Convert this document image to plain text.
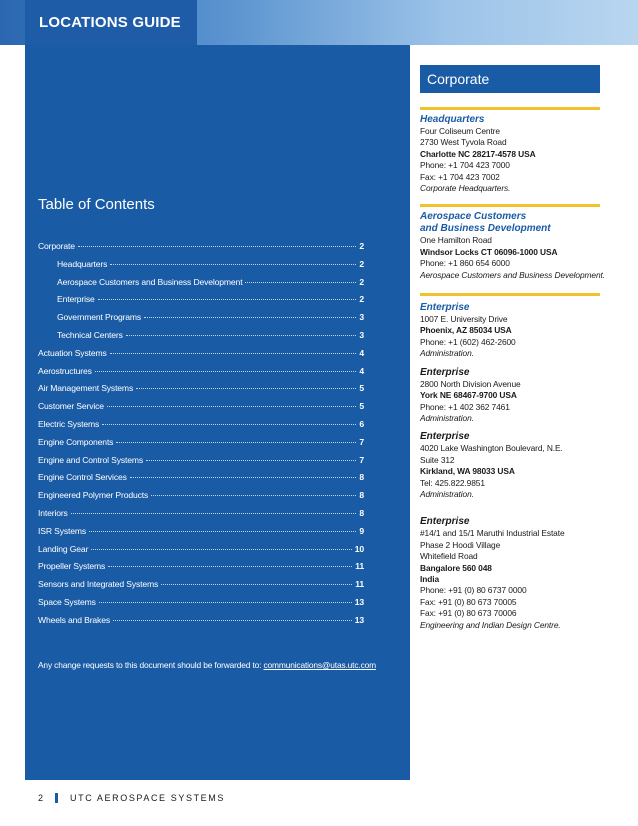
LOCATIONS GUIDE
Table of Contents
Corporate	2
Headquarters	2
Aerospace Customers and Business Development	2
Enterprise	2
Government Programs	3
Technical Centers	3
Actuation Systems	4
Aerostructures	4
Air Management Systems	5
Customer Service	5
Electric Systems	6
Engine Components	7
Engine and Control Systems	7
Engine Control Services	8
Engineered Polymer Products	8
Interiors	8
ISR Systems	9
Landing Gear	10
Propeller Systems	11
Sensors and Integrated Systems	11
Space Systems	13
Wheels and Brakes	13
Any change requests to this document should be forwarded to: communications@utas.utc.com
2	UTC AEROSPACE SYSTEMS
Corporate
Headquarters
Four Coliseum Centre
2730 West Tyvola Road
Charlotte NC 28217-4578 USA
Phone: +1 704 423 7000
Fax: +1 704 423 7002
Corporate Headquarters.
Aerospace Customers
and Business Development
One Hamilton Road
Windsor Locks CT 06096-1000 USA
Phone: +1 860 654 6000
Aerospace Customers and Business Development.
Enterprise
1007 E. University Drive
Phoenix, AZ 85034 USA
Phone: +1 (602) 462-2600
Administration.
Enterprise
2800 North Division Avenue
York NE 68467-9700 USA
Phone: +1 402 362 7461
Administration.
Enterprise
4020 Lake Washington Boulevard, N.E.
Suite 312
Kirkland, WA 98033 USA
Tel: 425.822.9851
Administration.
Enterprise
#14/1 and 15/1 Maruthi Industrial Estate
Phase 2 Hoodi Village
Whitefield Road
Bangalore 560 048
India
Phone: +91 (0) 80 6737 0000
Fax: +91 (0) 80 673 70005
Fax: +91 (0) 80 673 70006
Engineering and Indian Design Centre.
